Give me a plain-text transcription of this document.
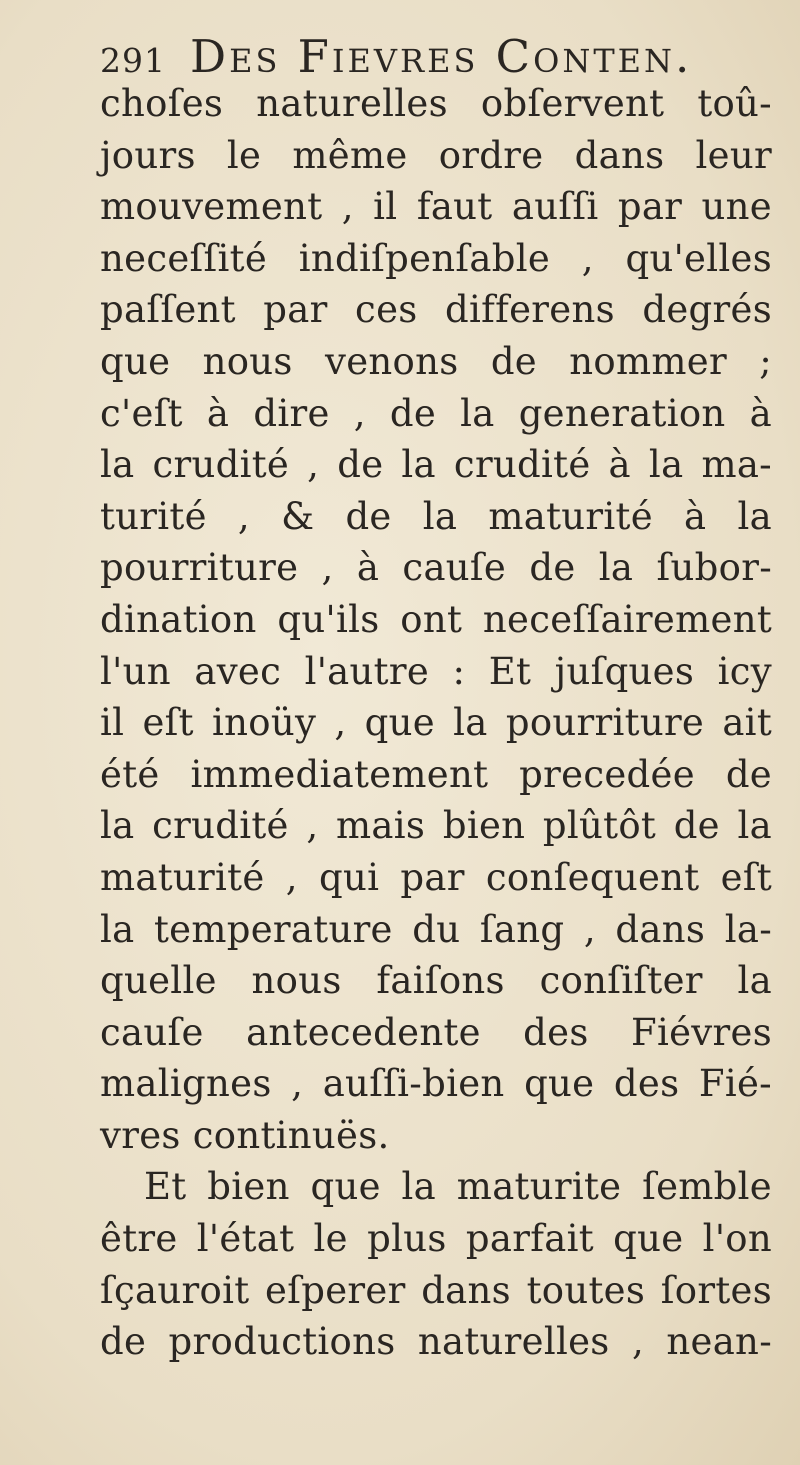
291 Des Fievres Conten.
choſes naturelles obſervent toû-
jours le même ordre dans leur
mouvement , il faut auſſi par une
neceſſité indiſpenſable , qu'elles
paſſent par ces differens degrés
que nous venons de nommer ;
c'eſt à dire , de la generation à
la crudité , de la crudité à la ma-
turité , & de la maturité à la
pourriture , à cauſe de la ſubor-
dination qu'ils ont neceſſairement
l'un avec l'autre : Et juſques icy
il eſt inoüy , que la pourriture ait
été immediatement precedée de
la crudité , mais bien plûtôt de la
maturité , qui par conſequent eſt
la temperature du ſang , dans la-
quelle nous faiſons conſiſter la
cauſe antecedente des Fiévres
malignes , auſſi-bien que des Fié-
vres continuës.
Et bien que la maturite ſemble
être l'état le plus parfait que l'on
ſçauroit eſperer dans toutes ſortes
de productions naturelles , nean-
